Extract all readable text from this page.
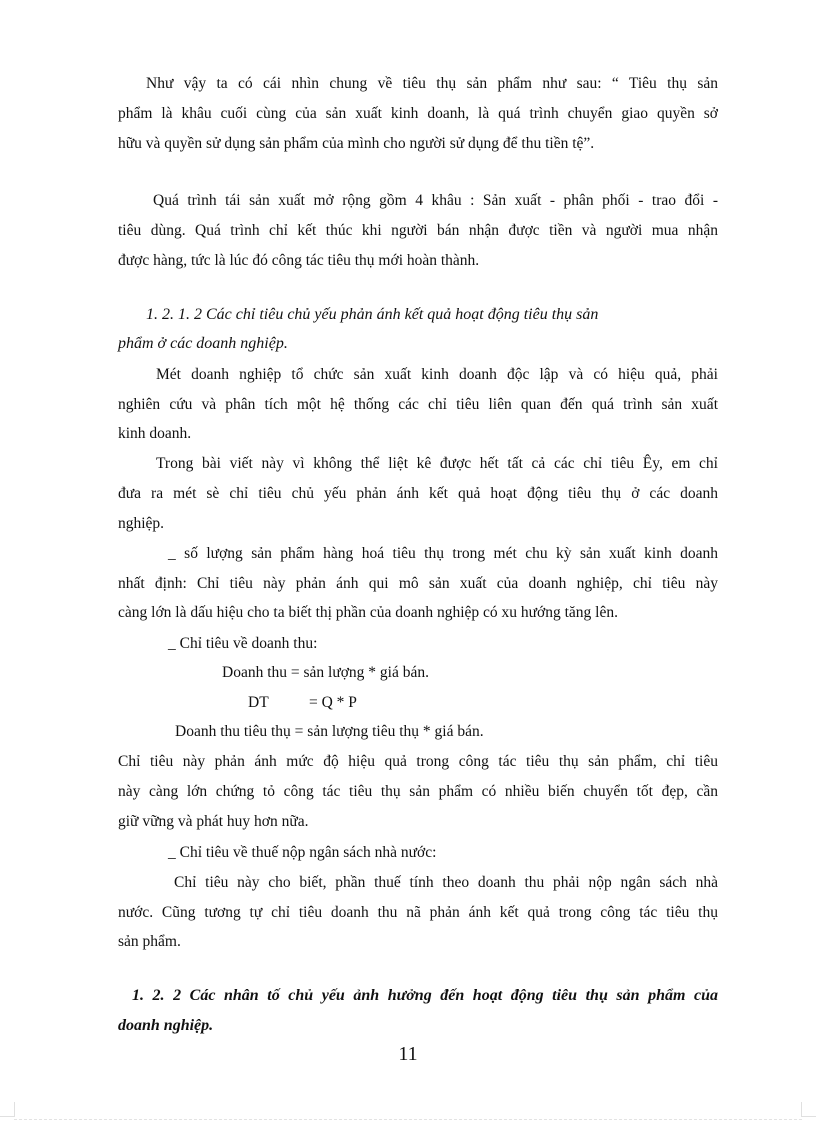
Như vậy ta có cái nhìn chung về tiêu thụ sản phẩm như sau: “ Tiêu thụ sản
phẩm là khâu cuối cùng của sản xuất kinh doanh, là quá trình chuyển giao quyền sở
hữu và quyền sử dụng sản phẩm của mình cho người sử dụng để thu tiền tệ”.
Quá trình tái sản xuất mở rộng gồm 4 khâu : Sản xuất - phân phối - trao đổi -
tiêu dùng. Quá trình chỉ kết thúc khi người bán nhận được tiền và người mua nhận
được hàng, tức là lúc đó công tác tiêu thụ mới hoàn thành.
1. 2. 1. 2 Các chỉ tiêu chủ yếu phản ánh kết quả hoạt động tiêu thụ sản
phẩm ở các doanh nghiệp.
Mét doanh nghiệp tổ chức sản xuất kinh doanh độc lập và có hiệu quả, phải
nghiên cứu và phân tích một hệ thống các chỉ tiêu liên quan đến quá trình sản xuất
kinh doanh.
Trong bài viết này vì không thể liệt kê được hết tất cả các chỉ tiêu Êy, em chỉ
đưa ra mét sè chỉ tiêu chủ yếu phản ánh kết quả hoạt động tiêu thụ ở các doanh
nghiệp.
_ số lượng sản phẩm hàng hoá tiêu thụ trong mét chu kỳ sản xuất kinh doanh
nhất định: Chỉ tiêu này phản ánh qui mô sản xuất của doanh nghiệp, chỉ tiêu này
càng lớn là dấu hiệu cho ta biết thị phần của doanh nghiệp có xu hướng tăng lên.
_ Chỉ tiêu về doanh thu:
Doanh thu = sản lượng * giá bán.
DT	= Q * P
Doanh thu tiêu thụ = sản lượng tiêu thụ * giá bán.
Chỉ tiêu này phản ánh mức độ hiệu quả trong công tác tiêu thụ sản phẩm, chỉ tiêu
này càng lớn chứng tỏ công tác tiêu thụ sản phẩm có nhiều biến chuyển tốt đẹp, cần
giữ vững và phát huy hơn nữa.
_ Chỉ tiêu về thuế nộp ngân sách nhà nước:
Chỉ tiêu này cho biết, phần thuế tính theo doanh thu phải nộp ngân sách nhà
nước. Cũng tương tự chỉ tiêu doanh thu nã phản ánh kết quả trong công tác tiêu thụ
sản phẩm.
1. 2. 2 Các nhân tố chủ yếu ảnh hưởng đến hoạt động tiêu thụ sản phẩm của
doanh nghiệp.
11
